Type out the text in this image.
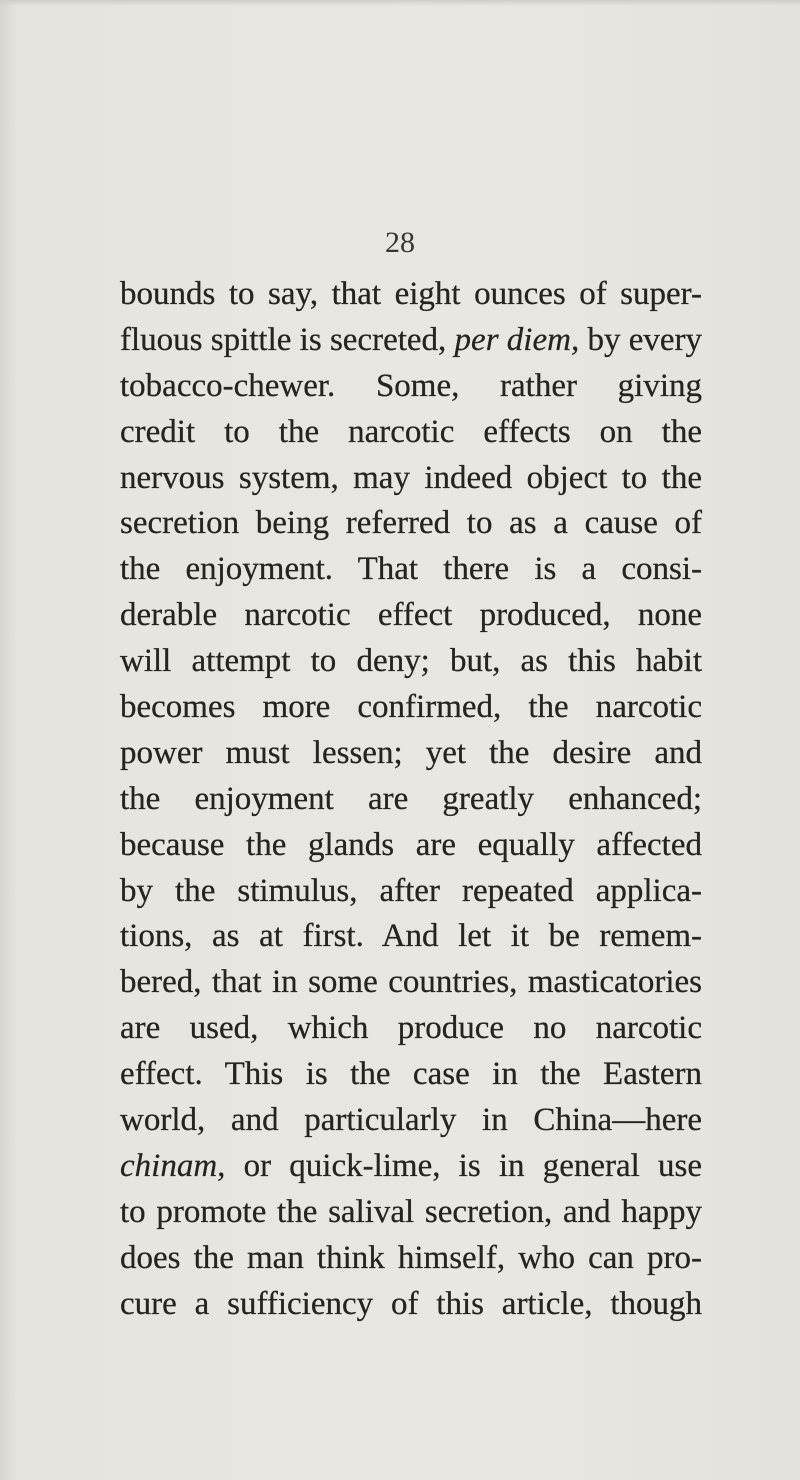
28
bounds to say, that eight ounces of super-
fluous spittle is secreted, per diem, by every
tobacco-chewer. Some, rather giving
credit to the narcotic effects on the
nervous system, may indeed object to the
secretion being referred to as a cause of
the enjoyment. That there is a consi-
derable narcotic effect produced, none
will attempt to deny; but, as this habit
becomes more confirmed, the narcotic
power must lessen; yet the desire and
the enjoyment are greatly enhanced;
because the glands are equally affected
by the stimulus, after repeated applica-
tions, as at first. And let it be remem-
bered, that in some countries, masticatories
are used, which produce no narcotic
effect. This is the case in the Eastern
world, and particularly in China—here
chinam, or quick-lime, is in general use
to promote the salival secretion, and happy
does the man think himself, who can pro-
cure a sufficiency of this article, though
